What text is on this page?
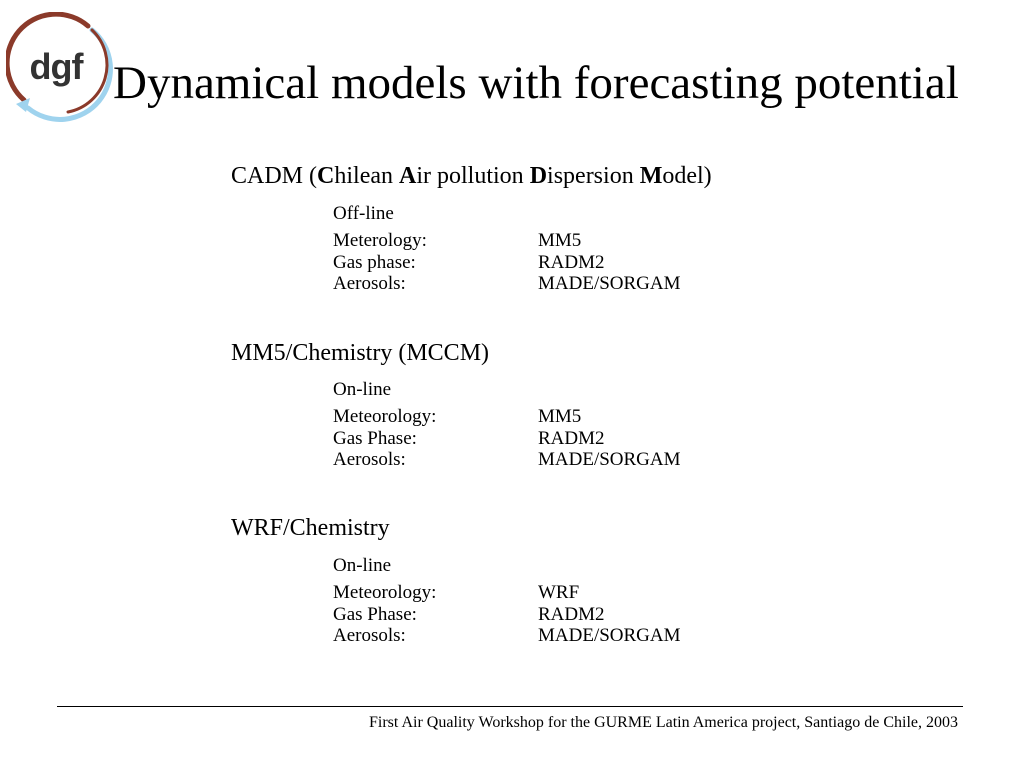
dgf Dynamical models with forecasting potential
CADM (Chilean Air pollution Dispersion Model)
Off-line
Meterology:	MM5
Gas phase:	RADM2
Aerosols:	MADE/SORGAM
MM5/Chemistry (MCCM)
On-line
Meteorology:	MM5
Gas Phase:	RADM2
Aerosols:	MADE/SORGAM
WRF/Chemistry
On-line
Meteorology:	WRF
Gas Phase:	RADM2
Aerosols:	MADE/SORGAM
First Air Quality Workshop for the GURME Latin America project, Santiago de Chile, 2003
